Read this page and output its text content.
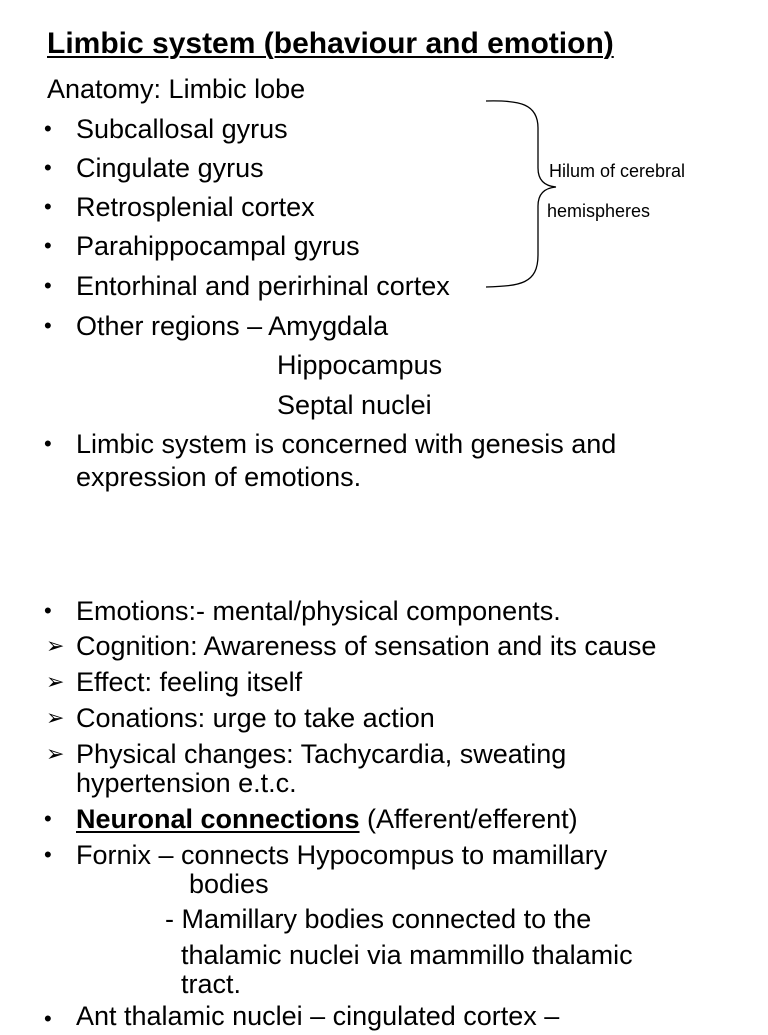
Limbic system (behaviour and emotion)
Anatomy: Limbic lobe
• Subcallosal gyrus
• Cingulate gyrus
• Retrosplenial cortex
• Parahippocampal gyrus
• Entorhinal and perirhinal cortex
Hilum of cerebral
hemispheres
• Other regions – Amygdala
Hippocampus
Septal nuclei
• Limbic system is concerned with genesis and
expression of emotions.
• Emotions:- mental/physical components.
➢ Cognition: Awareness of sensation and its cause
➢ Effect: feeling itself
➢ Conations: urge to take action
➢ Physical changes: Tachycardia, sweating
hypertension e.t.c.
• Neuronal connections (Afferent/efferent)
• Fornix – connects Hypocompus to mamillary
bodies
- Mamillary bodies connected to the
thalamic nuclei via mammillo thalamic
tract.
• Ant thalamic nuclei – cingulated cortex –
